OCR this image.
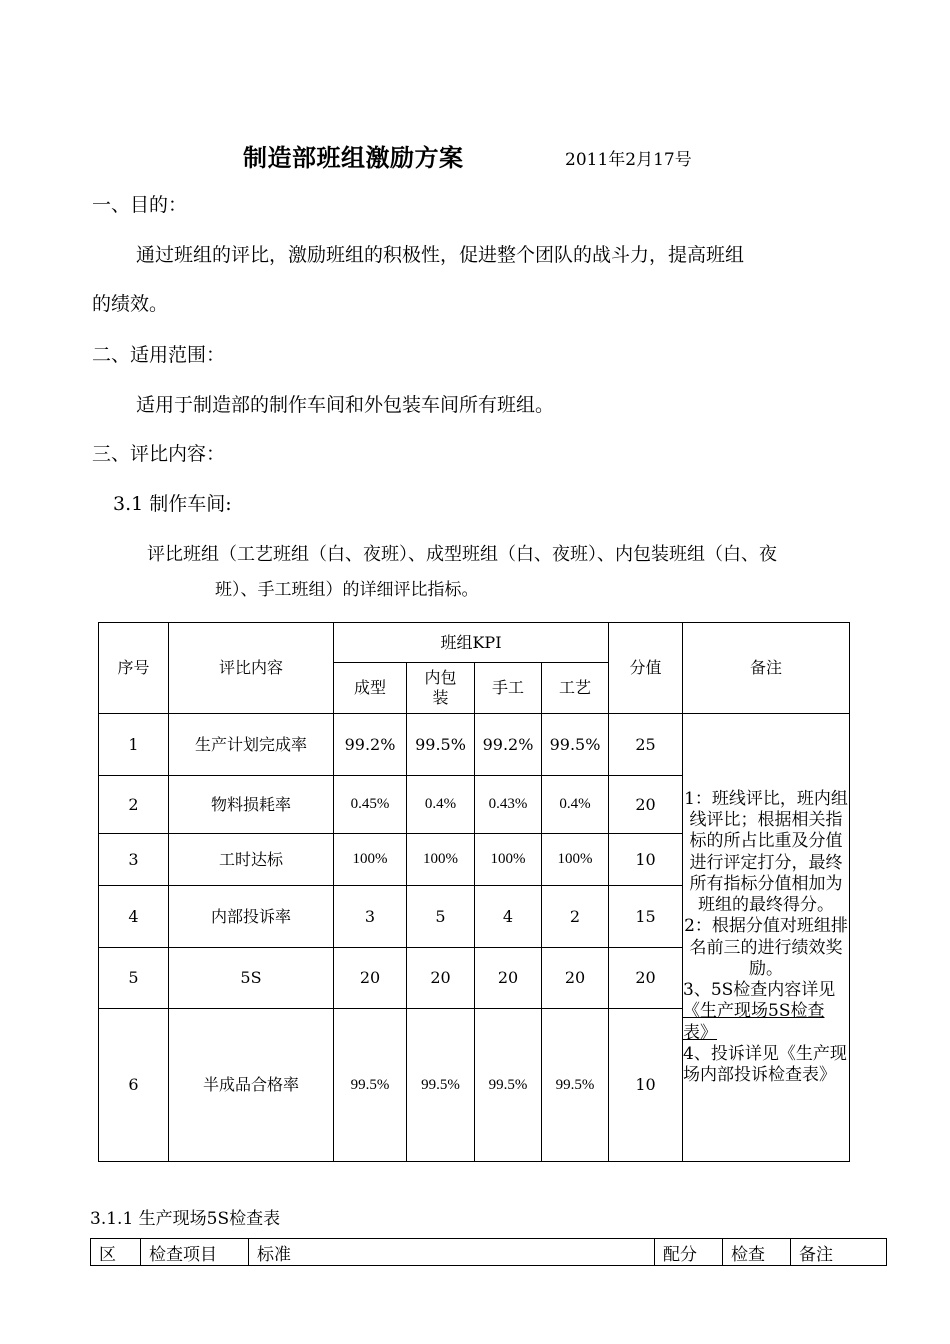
制造部班组激励方案	2011年2月17号
一、目的：
通过班组的评比，激励班组的积极性，促进整个团队的战斗力，提高班组
的绩效。
二、适用范围：
适用于制造部的制作车间和外包装车间所有班组。
三、评比内容：
3.1 制作车间:
评比班组（工艺班组（白、夜班）、成型班组（白、夜班）、内包装班组（白、夜
班）、手工班组）的详细评比指标。
序号	评比内容	班组KPI				分值	备注
		成型	内包装	手工	工艺		
1	生产计划完成率	99.2%	99.5%	99.2%	99.5%	25	1：班线评比，班内组线评比；根据相关指标的所占比重及分值进行评定打分，最终所有指标分值相加为班组的最终得分。
2：根据分值对班组排名前三的进行绩效奖励。
3、5S检查内容详见《生产现场5S检查表》
4、投诉详见《生产现场内部投诉检查表》

2	物料损耗率	0.45%	0.4%	0.43%	0.4%	20	
3	工时达标	100%	100%	100%	100%	10	
4	内部投诉率	3	5	4	2	15	
5	5S	20	20	20	20	20	
6	半成品合格率	99.5%	99.5%	99.5%	99.5%	10	
3.1.1 生产现场5S检查表
区	检查项目	标准	配分	检查	备注
